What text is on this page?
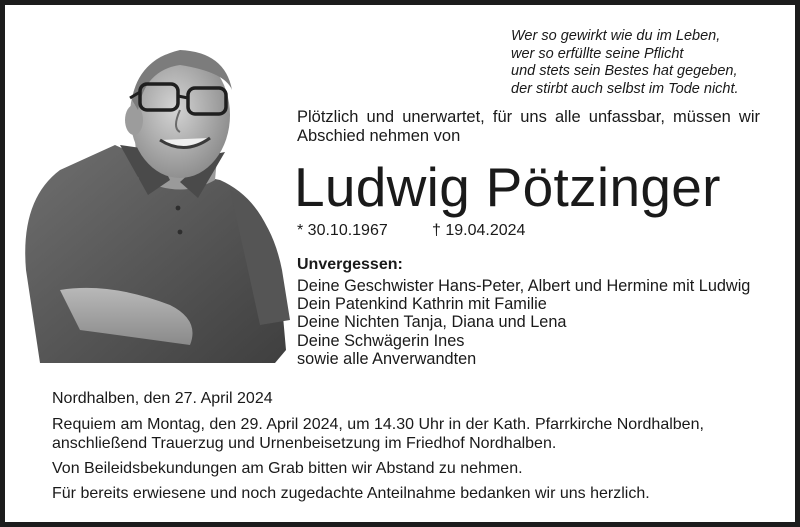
Wer so gewirkt wie du im Leben,
wer so erfüllte seine Pflicht
und stets sein Bestes hat gegeben,
der stirbt auch selbst im Tode nicht.
Plötzlich und unerwartet, für uns alle unfassbar, müssen wir Abschied nehmen von
Ludwig Pötzinger
* 30.10.1967	† 19.04.2024
Unvergessen:
Deine Geschwister Hans-Peter, Albert und Hermine mit Ludwig
Dein Patenkind Kathrin mit Familie
Deine Nichten Tanja, Diana und Lena
Deine Schwägerin Ines
sowie alle Anverwandten
Nordhalben, den 27. April 2024
Requiem am Montag, den 29. April 2024, um 14.30 Uhr in der Kath. Pfarrkirche Nordhalben,
anschließend Trauerzug und Urnenbeisetzung im Friedhof Nordhalben.
Von Beileidsbekundungen am Grab bitten wir Abstand zu nehmen.
Für bereits erwiesene und noch zugedachte Anteilnahme bedanken wir uns herzlich.
